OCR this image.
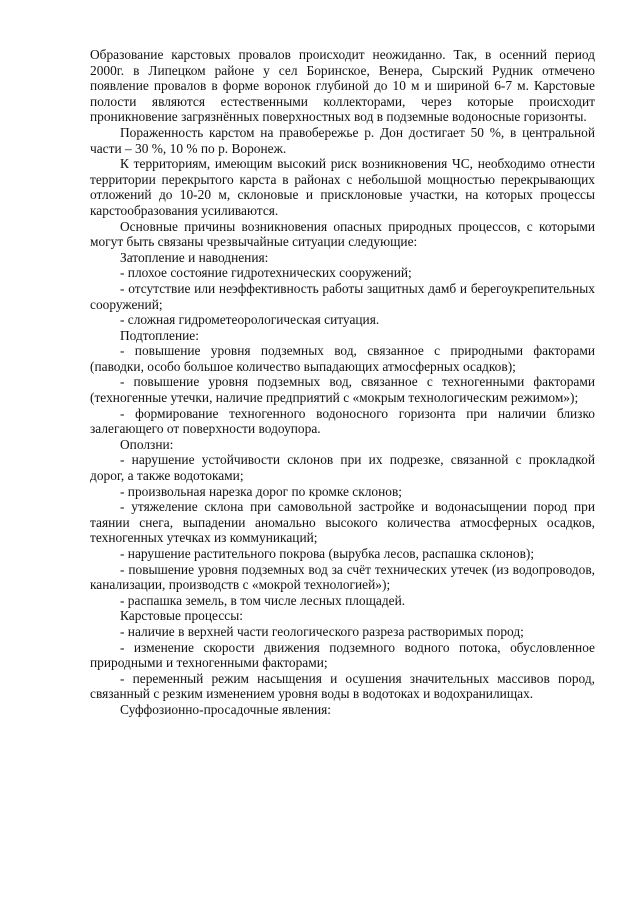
Образование карстовых провалов происходит неожиданно. Так, в осенний период 2000г. в Липецком районе у сел Боринское, Венера, Сырский Рудник отмечено появление провалов в форме воронок глубиной до 10 м и шириной 6-7 м. Карстовые полости являются естественными коллекторами, через которые происходит проникновение загрязнённых поверхностных вод в подземные водоносные горизонты.

Пораженность карстом на правобережье р. Дон достигает 50 %, в центральной части – 30 %, 10 % по р. Воронеж.

К территориям, имеющим высокий риск возникновения ЧС, необходимо отнести территории перекрытого карста в районах с небольшой мощностью перекрывающих отложений до 10-20 м, склоновые и присклоновые участки, на которых процессы карстообразования усиливаются.

Основные причины возникновения опасных природных процессов, с которыми могут быть связаны чрезвычайные ситуации следующие:

Затопление и наводнения:

- плохое состояние гидротехнических сооружений;

- отсутствие или неэффективность работы защитных дамб и берегоукрепительных сооружений;

- сложная гидрометеорологическая ситуация.

Подтопление:

- повышение уровня подземных вод, связанное с природными факторами (паводки, особо большое количество выпадающих атмосферных осадков);

- повышение уровня подземных вод, связанное с техногенными факторами (техногенные утечки, наличие предприятий с «мокрым технологическим режимом»);

- формирование техногенного водоносного горизонта при наличии близко залегающего от поверхности водоупора.

Оползни:

- нарушение устойчивости склонов при их подрезке, связанной с прокладкой дорог, а также водотоками;

- произвольная нарезка дорог по кромке склонов;

- утяжеление склона при самовольной застройке и водонасыщении пород при таянии снега, выпадении аномально высокого количества атмосферных осадков, техногенных утечках из коммуникаций;

- нарушение растительного покрова (вырубка лесов, распашка склонов);

- повышение уровня подземных вод за счёт технических утечек (из водопроводов, канализации, производств с «мокрой технологией»);

- распашка земель, в том числе лесных площадей.

Карстовые процессы:

- наличие в верхней части геологического разреза растворимых пород;

- изменение скорости движения подземного водного потока, обусловленное природными и техногенными факторами;

- переменный режим насыщения и осушения значительных массивов пород, связанный с резким изменением уровня воды в водотоках и водохранилищах.

Суффозионно-просадочные явления:
